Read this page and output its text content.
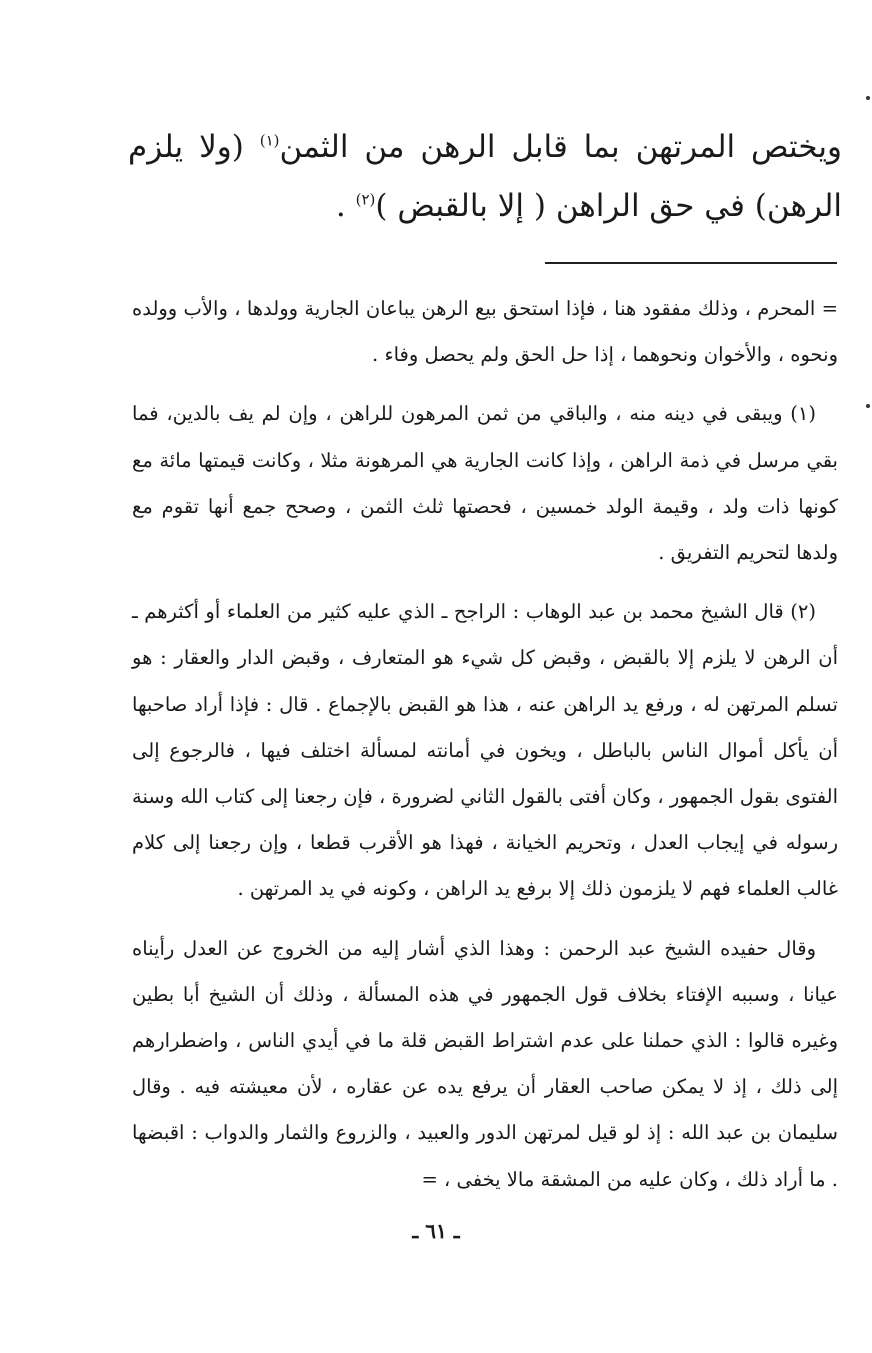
ويختص المرتهن بما قابل الرهن من الثمن$^{(١)}$ (ولا يلزم الرهن) في حق الراهن ( إلا بالقبض )$^{(٢)}$ .

= المحرم ، وذلك مفقود هنا ، فإذا استحق بيع الرهن يباعان الجارية وولدها ، والأب وولده ونحوه ، والأخوان ونحوهما ، إذا حل الحق ولم يحصل وفاء .

(١) ويبقى في دينه منه ، والباقي من ثمن المرهون للراهن ، وإن لم يف بالدين، فما بقي مرسل في ذمة الراهن ، وإذا كانت الجارية هي المرهونة مثلا ، وكانت قيمتها مائة مع كونها ذات ولد ، وقيمة الولد خمسين ، فحصتها ثلث الثمن ، وصحح جمع أنها تقوم مع ولدها لتحريم التفريق .

(٢) قال الشيخ محمد بن عبد الوهاب : الراجح ـ الذي عليه كثير من العلماء أو أكثرهم ـ أن الرهن لا يلزم إلا بالقبض ، وقبض كل شيء هو المتعارف ، وقبض الدار والعقار : هو تسلم المرتهن له ، ورفع يد الراهن عنه ، هذا هو القبض بالإجماع . قال : فإذا أراد صاحبها أن يأكل أموال الناس بالباطل ، ويخون في أمانته لمسألة اختلف فيها ، فالرجوع إلى الفتوى بقول الجمهور ، وكان أفتى بالقول الثاني لضرورة ، فإن رجعنا إلى كتاب الله وسنة رسوله في إيجاب العدل ، وتحريم الخيانة ، فهذا هو الأقرب قطعا ، وإن رجعنا إلى كلام غالب العلماء فهم لا يلزمون ذلك إلا برفع يد الراهن ، وكونه في يد المرتهن .

وقال حفيده الشيخ عبد الرحمن : وهذا الذي أشار إليه من الخروج عن العدل رأيناه عيانا ، وسببه الإفتاء بخلاف قول الجمهور في هذه المسألة ، وذلك أن الشيخ أبا بطين وغيره قالوا : الذي حملنا على عدم اشتراط القبض قلة ما في أيدي الناس ، واضطرارهم إلى ذلك ، إذ لا يمكن صاحب العقار أن يرفع يده عن عقاره ، لأن معيشته فيه . وقال سليمان بن عبد الله : إذ لو قيل لمرتهن الدور والعبيد ، والزروع والثمار والدواب : اقبضها . ما أراد ذلك ، وكان عليه من المشقة مالا يخفى ، =

ـ ٦١ ـ
